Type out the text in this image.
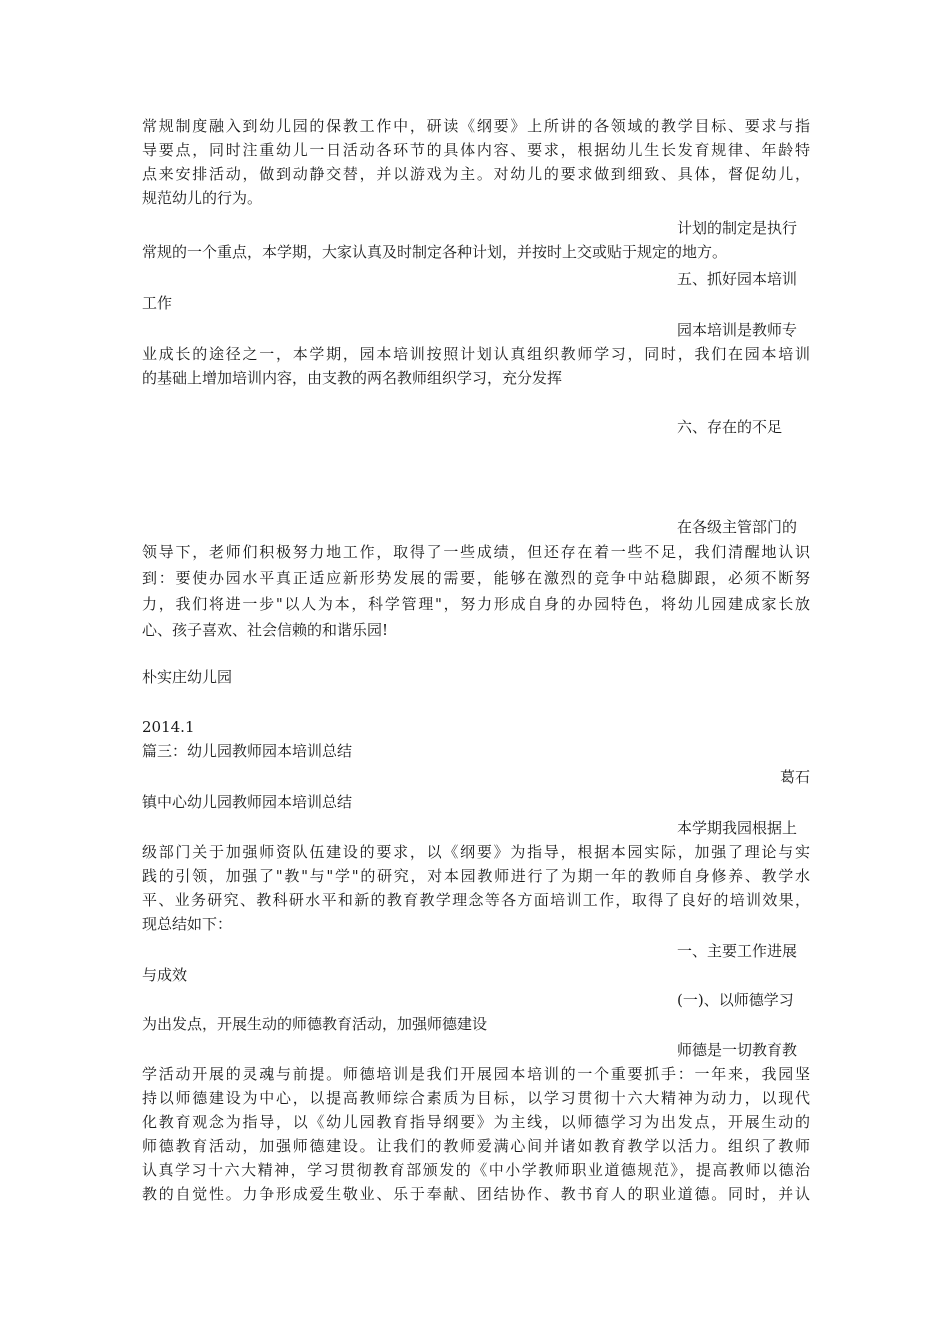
常规制度融入到幼儿园的保教工作中，研读《纲要》上所讲的各领域的教学目标、要求与指
导要点，同时注重幼儿一日活动各环节的具体内容、要求，根据幼儿生长发育规律、年龄特
点来安排活动，做到动静交替，并以游戏为主。对幼儿的要求做到细致、具体，督促幼儿，
规范幼儿的行为。
计划的制定是执行
常规的一个重点，本学期，大家认真及时制定各种计划，并按时上交或贴于规定的地方。
五、抓好园本培训
工作
园本培训是教师专
业成长的途径之一，本学期，园本培训按照计划认真组织教师学习，同时，我们在园本培训
的基础上增加培训内容，由支教的两名教师组织学习，充分发挥
六、存在的不足
在各级主管部门的
领导下，老师们积极努力地工作，取得了一些成绩，但还存在着一些不足，我们清醒地认识
到：要使办园水平真正适应新形势发展的需要，能够在激烈的竞争中站稳脚跟，必须不断努
力，我们将进一步"以人为本，科学管理"，努力形成自身的办园特色，将幼儿园建成家长放
心、孩子喜欢、社会信赖的和谐乐园!
朴实庄幼儿园
2014.1
篇三：幼儿园教师园本培训总结
葛石
镇中心幼儿园教师园本培训总结
本学期我园根据上
级部门关于加强师资队伍建设的要求，以《纲要》为指导，根据本园实际，加强了理论与实
践的引领，加强了"教"与"学"的研究，对本园教师进行了为期一年的教师自身修养、教学水
平、业务研究、教科研水平和新的教育教学理念等各方面培训工作，取得了良好的培训效果，
现总结如下：
一、主要工作进展
与成效
(一)、以师德学习
为出发点，开展生动的师德教育活动，加强师德建设
师德是一切教育教
学活动开展的灵魂与前提。师德培训是我们开展园本培训的一个重要抓手：一年来，我园坚
持以师德建设为中心，以提高教师综合素质为目标，以学习贯彻十六大精神为动力，以现代
化教育观念为指导，以《幼儿园教育指导纲要》为主线，以师德学习为出发点，开展生动的
师德教育活动，加强师德建设。让我们的教师爱满心间并诸如教育教学以活力。组织了教师
认真学习十六大精神，学习贯彻教育部颁发的《中小学教师职业道德规范》，提高教师以德治
教的自觉性。力争形成爱生敬业、乐于奉献、团结协作、教书育人的职业道德。同时，并认
